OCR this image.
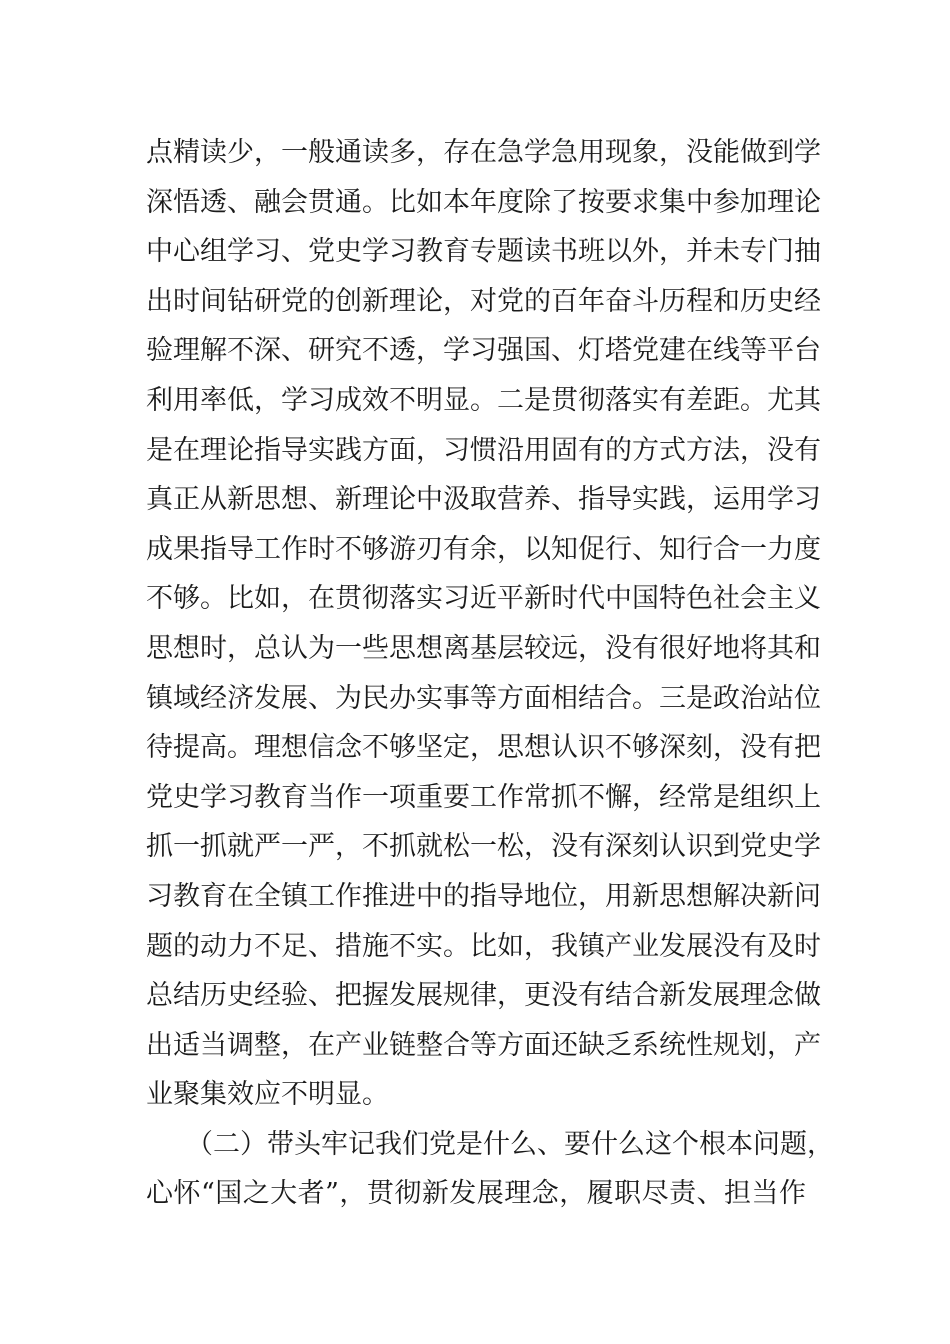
点精读少，一般通读多，存在急学急用现象，没能做到学
深悟透、融会贯通。比如本年度除了按要求集中参加理论
中心组学习、党史学习教育专题读书班以外，并未专门抽
出时间钻研党的创新理论，对党的百年奋斗历程和历史经
验理解不深、研究不透，学习强国、灯塔党建在线等平台
利用率低，学习成效不明显。二是贯彻落实有差距。尤其
是在理论指导实践方面，习惯沿用固有的方式方法，没有
真正从新思想、新理论中汲取营养、指导实践，运用学习
成果指导工作时不够游刃有余，以知促行、知行合一力度
不够。比如，在贯彻落实习近平新时代中国特色社会主义
思想时，总认为一些思想离基层较远，没有很好地将其和
镇域经济发展、为民办实事等方面相结合。三是政治站位
待提高。理想信念不够坚定，思想认识不够深刻，没有把
党史学习教育当作一项重要工作常抓不懈，经常是组织上
抓一抓就严一严，不抓就松一松，没有深刻认识到党史学
习教育在全镇工作推进中的指导地位，用新思想解决新问
题的动力不足、措施不实。比如，我镇产业发展没有及时
总结历史经验、把握发展规律，更没有结合新发展理念做
出适当调整，在产业链整合等方面还缺乏系统性规划，产
业聚集效应不明显。
（二）带头牢记我们党是什么、要什么这个根本问题，
心怀“国之大者”，贯彻新发展理念，履职尽责、担当作
